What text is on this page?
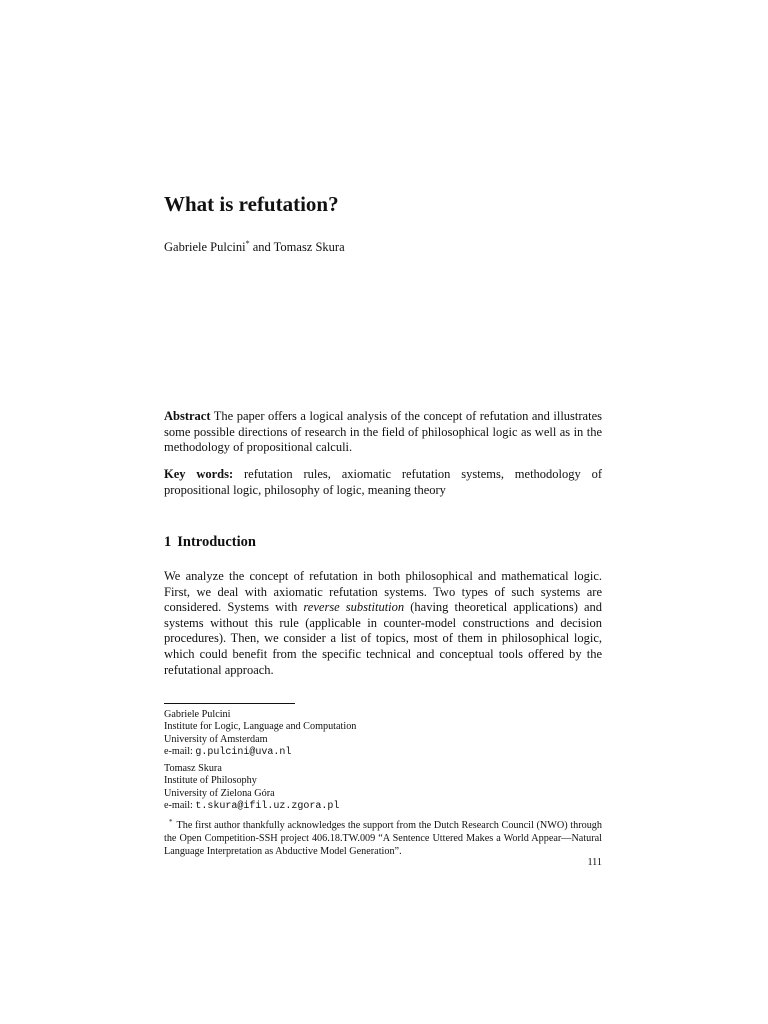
What is refutation?
Gabriele Pulcini* and Tomasz Skura
Abstract The paper offers a logical analysis of the concept of refutation and illustrates some possible directions of research in the field of philosophical logic as well as in the methodology of propositional calculi.
Key words: refutation rules, axiomatic refutation systems, methodology of propositional logic, philosophy of logic, meaning theory
1 Introduction
We analyze the concept of refutation in both philosophical and mathematical logic. First, we deal with axiomatic refutation systems. Two types of such systems are considered. Systems with reverse substitution (having theoretical applications) and systems without this rule (applicable in counter-model constructions and decision procedures). Then, we consider a list of topics, most of them in philosophical logic, which could benefit from the specific technical and conceptual tools offered by the refutational approach.
Gabriele Pulcini
Institute for Logic, Language and Computation
University of Amsterdam
e-mail: g.pulcini@uva.nl
Tomasz Skura
Institute of Philosophy
University of Zielona Góra
e-mail: t.skura@ifil.uz.zgora.pl
* The first author thankfully acknowledges the support from the Dutch Research Council (NWO) through the Open Competition-SSH project 406.18.TW.009 “A Sentence Uttered Makes a World Appear—Natural Language Interpretation as Abductive Model Generation”.
111
